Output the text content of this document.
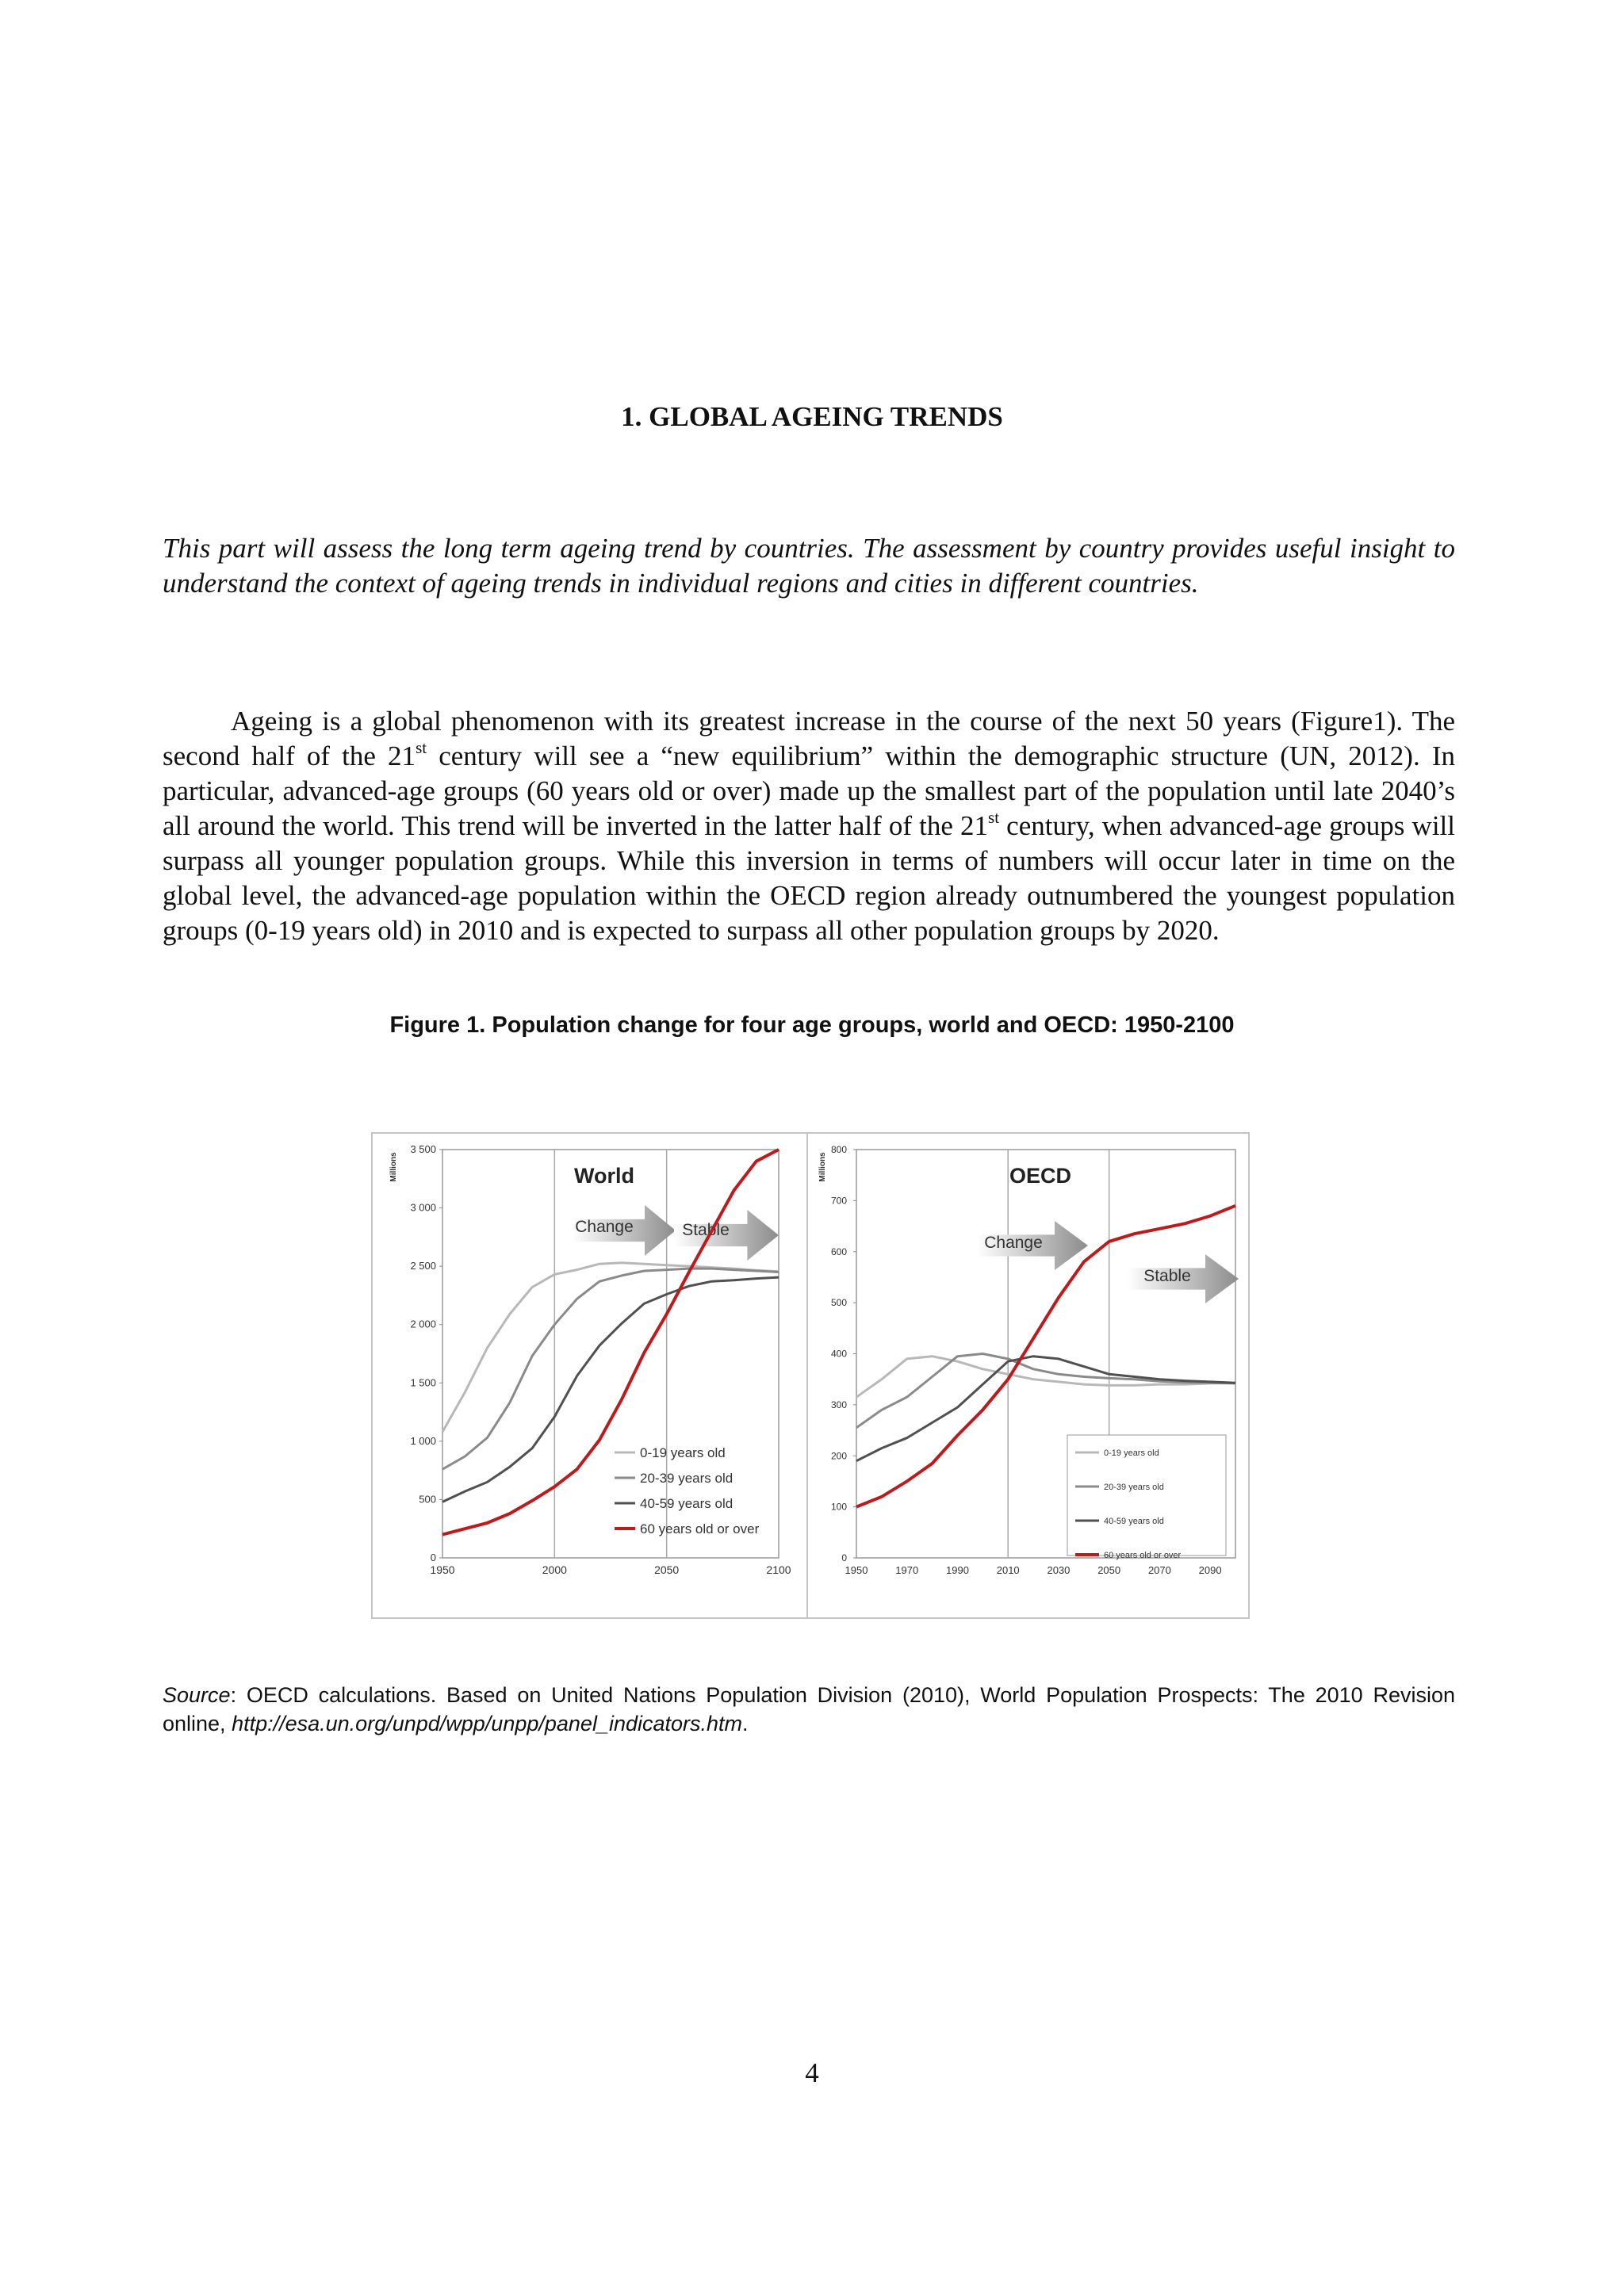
1. GLOBAL AGEING TRENDS
This part will assess the long term ageing trend by countries. The assessment by country provides useful insight to understand the context of ageing trends in individual regions and cities in different countries.

Ageing is a global phenomenon with its greatest increase in the course of the next 50 years (Figure1). The second half of the 21st century will see a “new equilibrium” within the demographic structure (UN, 2012). In particular, advanced-age groups (60 years old or over) made up the smallest part of the population until late 2040’s all around the world. This trend will be inverted in the latter half of the 21st century, when advanced-age groups will surpass all younger population groups. While this inversion in terms of numbers will occur later in time on the global level, the advanced-age population within the OECD region already outnumbered the youngest population groups (0-19 years old) in 2010 and is expected to surpass all other population groups by 2020.

Figure 1. Population change for four age groups, world and OECD: 1950-2100
0
500
1 000
1 500
2 000
2 500
3 000
3 500
1950	2000	2050	2100
Millions
Change	Stable
World
0-19 years old
20-39 years old
40-59 years old
60 years old or over
0
100
200
300
400
500
600
700
800
1950	1970	1990	2010	2030	2050	2070	2090
Millions
Change
Stable
OECD
0-19 years old
20-39 years old
40-59 years old
60 years old or over
Source: OECD calculations. Based on United Nations Population Division (2010), World Population Prospects: The 2010 Revision online, http://esa.un.org/unpd/wpp/unpp/panel_indicators.htm.
4
